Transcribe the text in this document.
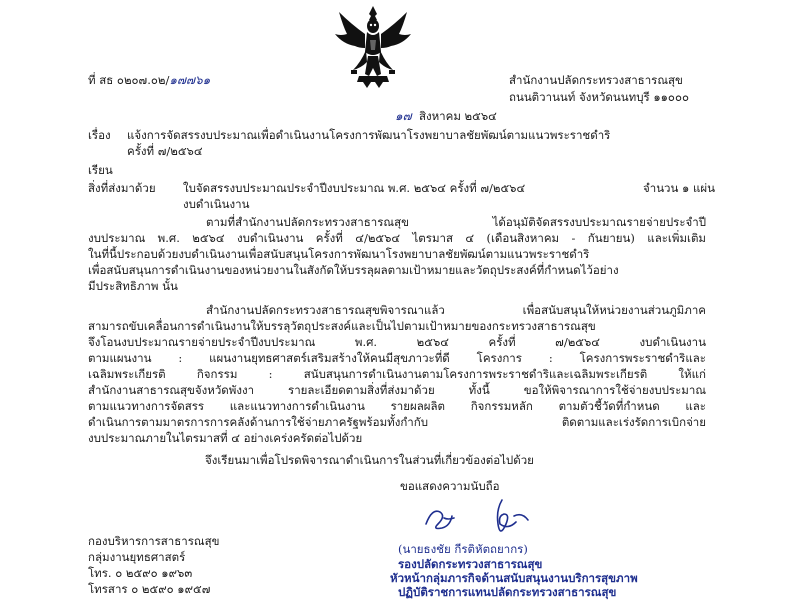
ที่ สธ ๐๒๐๗.๐๒/๑๗๗๖๑	สำนักงานปลัดกระทรวงสาธารณสุข
ถนนติวานนท์ จังหวัดนนทบุรี ๑๑๐๐๐
๑๗ สิงหาคม ๒๕๖๔
เรื่อง แจ้งการจัดสรรงบประมาณเพื่อดำเนินงานโครงการพัฒนาโรงพยาบาลชัยพัฒน์ตามแนวพระราชดำริ
ครั้งที่ ๗/๒๕๖๔
เรียน
สิ่งที่ส่งมาด้วย ใบจัดสรรงบประมาณประจำปีงบประมาณ พ.ศ. ๒๕๖๔ ครั้งที่ ๗/๒๕๖๔	จำนวน ๑ แผ่น
งบดำเนินงาน
ตามที่สำนักงานปลัดกระทรวงสาธารณสุข ได้อนุมัติจัดสรรงบประมาณรายจ่ายประจำปี
งบประมาณ พ.ศ. ๒๕๖๔ งบดำเนินงาน ครั้งที่ ๔/๒๕๖๔ ไตรมาส ๔ (เดือนสิงหาคม - กันยายน) และเพิ่มเติม
ในที่นี้ประกอบด้วยงบดำเนินงานเพื่อสนับสนุนโครงการพัฒนาโรงพยาบาลชัยพัฒน์ตามแนวพระราชดำริ
เพื่อสนับสนุนการดำเนินงานของหน่วยงานในสังกัดให้บรรลุผลตามเป้าหมายและวัตถุประสงค์ที่กำหนดไว้อย่าง
มีประสิทธิภาพ นั้น
สำนักงานปลัดกระทรวงสาธารณสุขพิจารณาแล้ว เพื่อสนับสนุนให้หน่วยงานส่วนภูมิภาค
สามารถขับเคลื่อนการดำเนินงานให้บรรลุวัตถุประสงค์และเป็นไปตามเป้าหมายของกระทรวงสาธารณสุข
จึงโอนงบประมาณรายจ่ายประจำปีงบประมาณ พ.ศ. ๒๕๖๔ ครั้งที่ ๗/๒๕๖๔ งบดำเนินงาน
ตามแผนงาน : แผนงานยุทธศาสตร์เสริมสร้างให้คนมีสุขภาวะที่ดี โครงการ : โครงการพระราชดำริและ
เฉลิมพระเกียรติ กิจกรรม : สนับสนุนการดำเนินงานตามโครงการพระราชดำริและเฉลิมพระเกียรติ ให้แก่
สำนักงานสาธารณสุขจังหวัดพังงา รายละเอียดตามสิ่งที่ส่งมาด้วย ทั้งนี้ ขอให้พิจารณาการใช้จ่ายงบประมาณ
ตามแนวทางการจัดสรร และแนวทางการดำเนินงาน รายผลผลิต กิจกรรมหลัก ตามตัวชี้วัดที่กำหนด และ
ดำเนินการตามมาตรการการคลังด้านการใช้จ่ายภาครัฐพร้อมทั้งกำกับ ติดตามและเร่งรัดการเบิกจ่าย
งบประมาณภายในไตรมาสที่ ๔ อย่างเคร่งครัดต่อไปด้วย
จึงเรียนมาเพื่อโปรดพิจารณาดำเนินการในส่วนที่เกี่ยวข้องต่อไปด้วย
ขอแสดงความนับถือ
(นายธงชัย กีรติหัตถยากร)
รองปลัดกระทรวงสาธารณสุข
หัวหน้ากลุ่มภารกิจด้านสนับสนุนงานบริการสุขภาพ
ปฏิบัติราชการแทนปลัดกระทรวงสาธารณสุข
กองบริหารการสาธารณสุข
กลุ่มงานยุทธศาสตร์
โทร. ๐ ๒๕๙๐ ๑๙๖๓
โทรสาร ๐ ๒๕๙๐ ๑๙๕๗
